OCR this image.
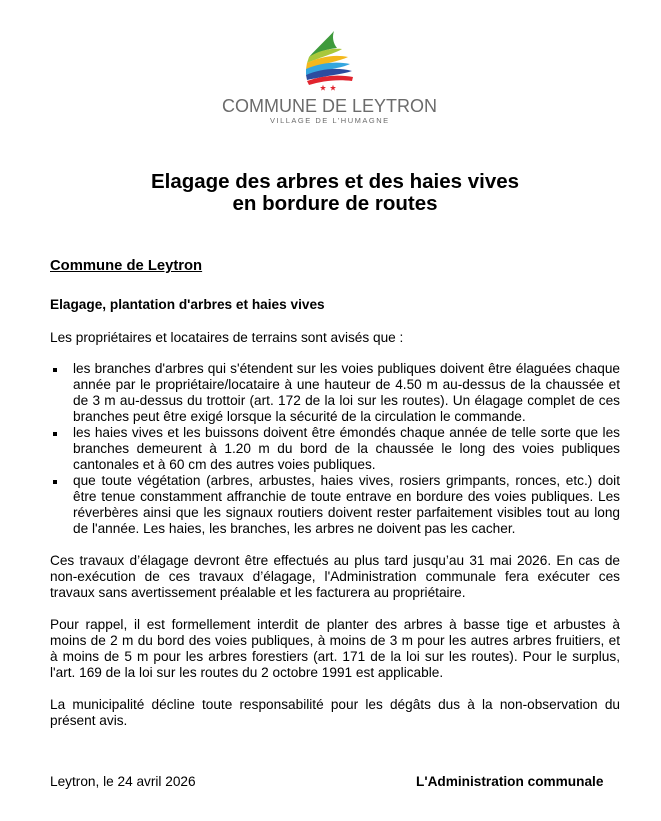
COMMUNE DE LEYTRON
VILLAGE DE L’HUMAGNE
Elagage des arbres et des haies vives
en bordure de routes
Commune de Leytron
Elagage, plantation d'arbres et haies vives
Les propriétaires et locataires de terrains sont avisés que :
les branches d'arbres qui s'étendent sur les voies publiques doivent être élaguées chaque
année par le propriétaire/locataire à une hauteur de 4.50 m au-dessus de la chaussée et
de 3 m au-dessus du trottoir (art. 172 de la loi sur les routes). Un élagage complet de ces
branches peut être exigé lorsque la sécurité de la circulation le commande.
les haies vives et les buissons doivent être émondés chaque année de telle sorte que les
branches demeurent à 1.20 m du bord de la chaussée le long des voies publiques
cantonales et à 60 cm des autres voies publiques.
que toute végétation (arbres, arbustes, haies vives, rosiers grimpants, ronces, etc.) doit
être tenue constamment affranchie de toute entrave en bordure des voies publiques. Les
réverbères ainsi que les signaux routiers doivent rester parfaitement visibles tout au long
de l'année. Les haies, les branches, les arbres ne doivent pas les cacher.
Ces travaux d’élagage devront être effectués au plus tard jusqu’au 31 mai 2026. En cas de
non-exécution de ces travaux d’élagage, l'Administration communale fera exécuter ces
travaux sans avertissement préalable et les facturera au propriétaire.
Pour rappel, il est formellement interdit de planter des arbres à basse tige et arbustes à
moins de 2 m du bord des voies publiques, à moins de 3 m pour les autres arbres fruitiers, et
à moins de 5 m pour les arbres forestiers (art. 171 de la loi sur les routes). Pour le surplus,
l'art. 169 de la loi sur les routes du 2 octobre 1991 est applicable.
La municipalité décline toute responsabilité pour les dégâts dus à la non-observation du
présent avis.
Leytron, le 24 avril 2026	L'Administration communale
